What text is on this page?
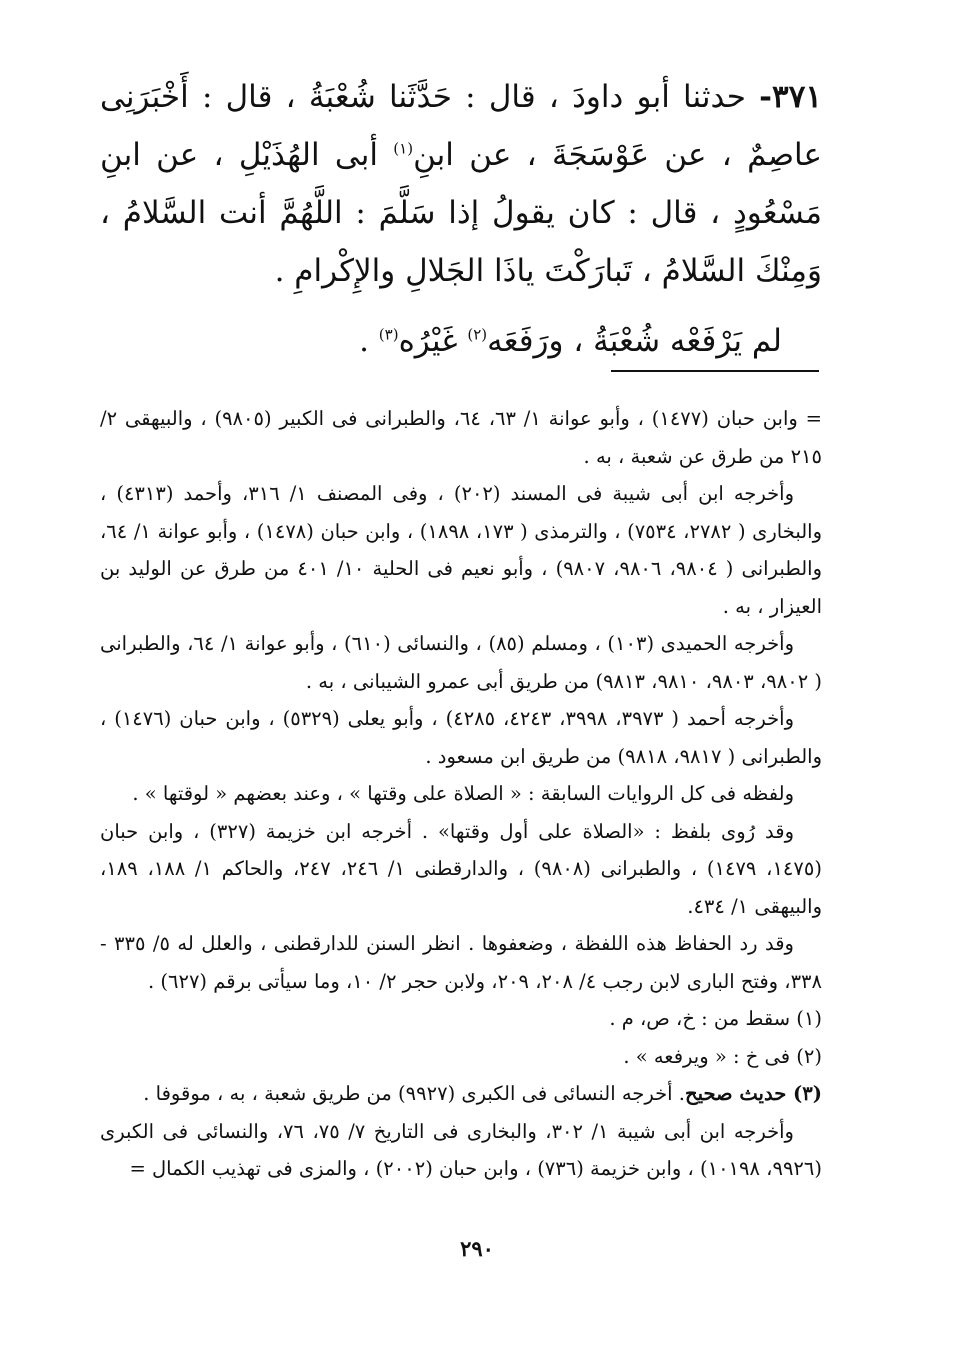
٣٧١- حدثنا أبو داودَ ، قال : حَدَّثَنا شُعْبَةُ ، قال : أَخْبَرَنِى عاصِمٌ ، عن عَوْسَجَةَ ، عن ابنِ$^{(١)}$ أبى الهُذَيْلِ ، عن ابنِ مَسْعُودٍ ، قال : كان يقولُ إذا سَلَّمَ : اللَّهُمَّ أنت السَّلامُ ، وَمِنْكَ السَّلامُ ، تَبارَكْتَ ياذَا الجَلالِ والإِكْرامِ .

لم يَرْفَعْه شُعْبَةُ ، ورَفَعَه$^{(٢)}$ غَيْرُه$^{(٣)}$ .

= وابن حبان (١٤٧٧) ، وأبو عوانة ١/ ٦٣، ٦٤، والطبرانى فى الكبير (٩٨٠٥) ، والبيهقى ٢/ ٢١٥ من طرق عن شعبة ، به .

وأخرجه ابن أبى شيبة فى المسند (٢٠٢) ، وفى المصنف ١/ ٣١٦، وأحمد (٤٣١٣) ، والبخارى ( ٢٧٨٢، ٧٥٣٤) ، والترمذى ( ١٧٣، ١٨٩٨) ، وابن حبان (١٤٧٨) ، وأبو عوانة ١/ ٦٤، والطبرانى ( ٩٨٠٤، ٩٨٠٦، ٩٨٠٧) ، وأبو نعيم فى الحلية ١٠/ ٤٠١ من طرق عن الوليد بن العيزار ، به .

وأخرجه الحميدى (١٠٣) ، ومسلم (٨٥) ، والنسائى (٦١٠) ، وأبو عوانة ١/ ٦٤، والطبرانى ( ٩٨٠٢، ٩٨٠٣، ٩٨١٠، ٩٨١٣) من طريق أبى عمرو الشيبانى ، به .

وأخرجه أحمد ( ٣٩٧٣، ٣٩٩٨، ٤٢٤٣، ٤٢٨٥) ، وأبو يعلى (٥٣٢٩) ، وابن حبان (١٤٧٦) ، والطبرانى ( ٩٨١٧، ٩٨١٨) من طريق ابن مسعود .

ولفظه فى كل الروايات السابقة : « الصلاة على وقتها » ، وعند بعضهم « لوقتها » .

وقد رُوى بلفظ : «الصلاة على أول وقتها» . أخرجه ابن خزيمة (٣٢٧) ، وابن حبان (١٤٧٥، ١٤٧٩) ، والطبرانى (٩٨٠٨) ، والدارقطنى ١/ ٢٤٦، ٢٤٧، والحاكم ١/ ١٨٨، ١٨٩، والبيهقى ١/ ٤٣٤.

وقد رد الحفاظ هذه اللفظة ، وضعفوها . انظر السنن للدارقطنى ، والعلل له ٥/ ٣٣٥ - ٣٣٨، وفتح البارى لابن رجب ٤/ ٢٠٨، ٢٠٩، ولابن حجر ٢/ ١٠، وما سيأتى برقم (٦٢٧) .

(١) سقط من : خ، ص، م .

(٢) فى خ : « ويرفعه » .

(٣) حديث صحيح. أخرجه النسائى فى الكبرى (٩٩٢٧) من طريق شعبة ، به ، موقوفا .

وأخرجه ابن أبى شيبة ١/ ٣٠٢، والبخارى فى التاريخ ٧/ ٧٥، ٧٦، والنسائى فى الكبرى (٩٩٢٦، ١٠١٩٨) ، وابن خزيمة (٧٣٦) ، وابن حبان (٢٠٠٢) ، والمزى فى تهذيب الكمال =

٢٩٠
